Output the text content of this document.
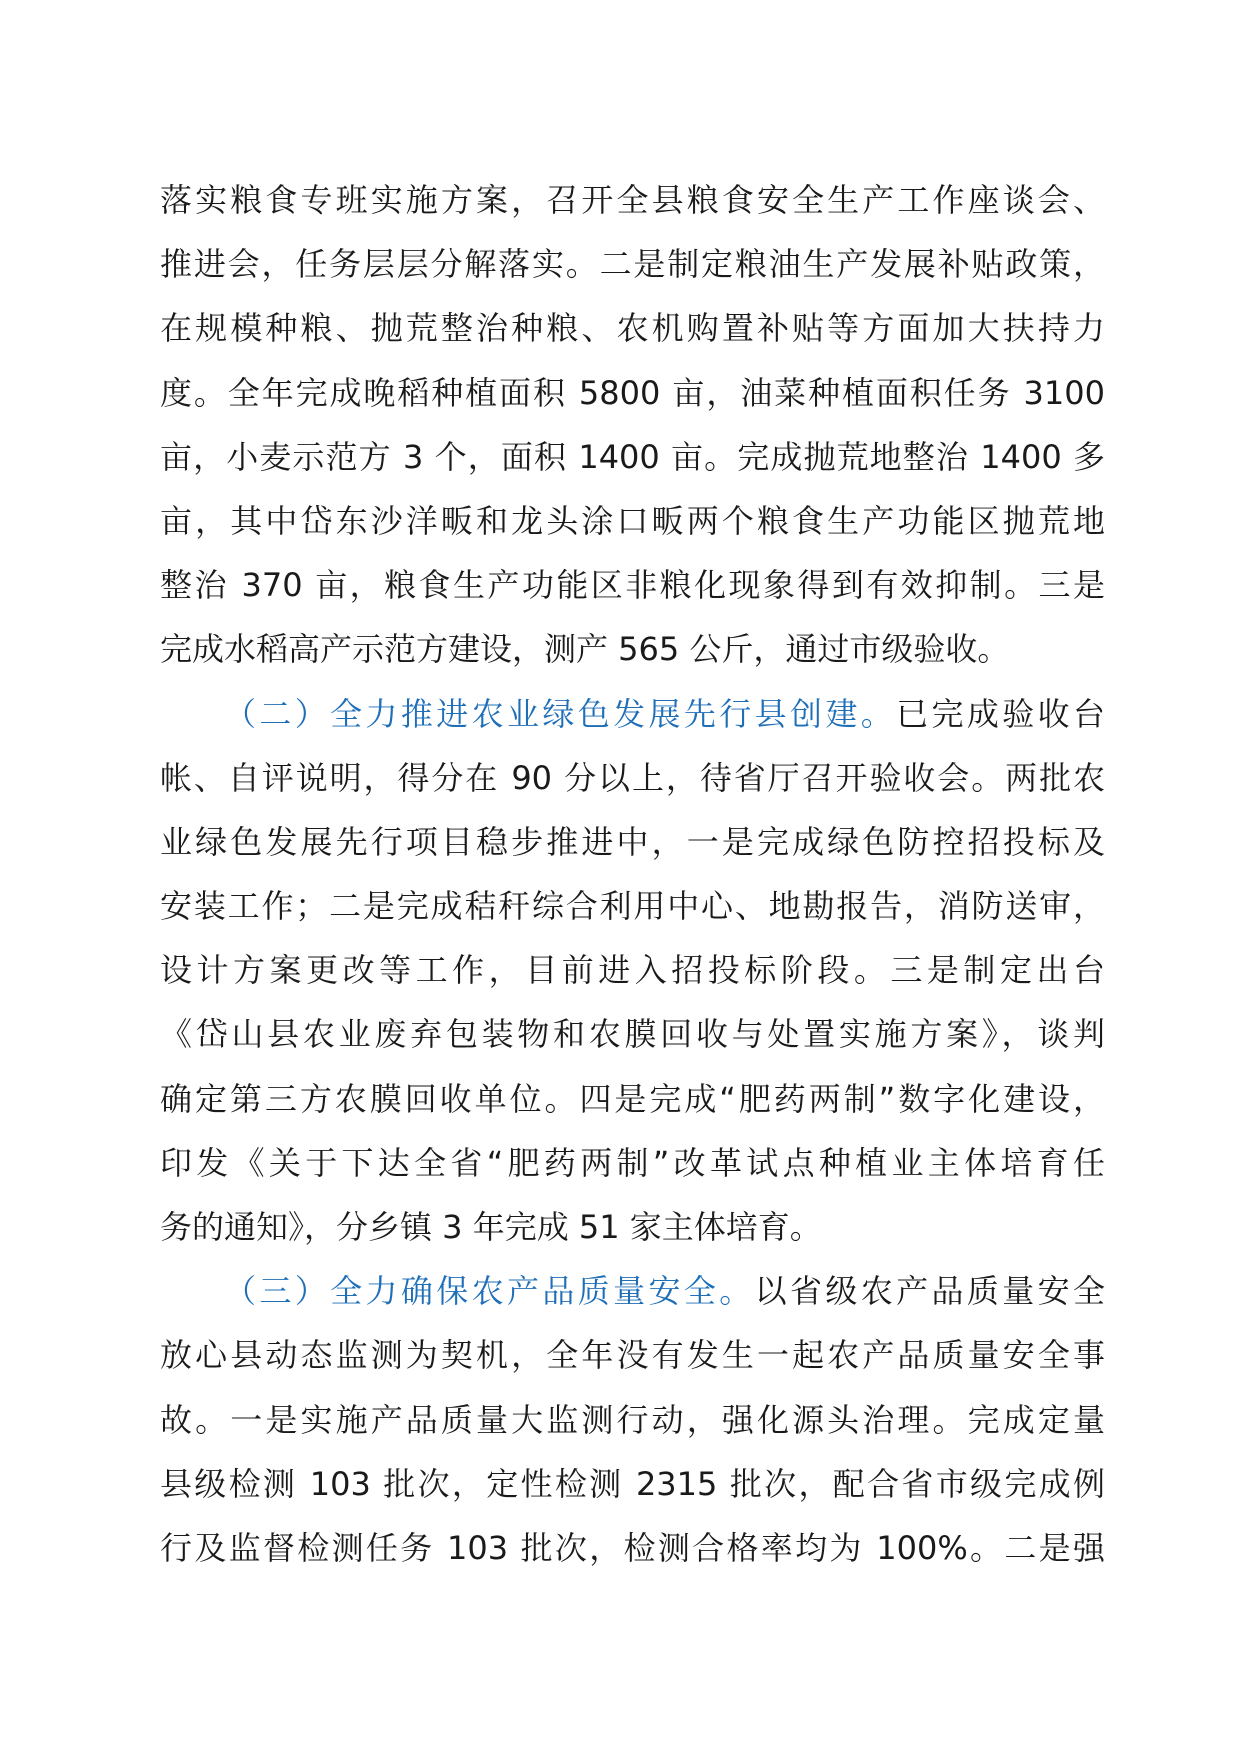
落实粮食专班实施方案，召开全县粮食安全生产工作座谈会、
推进会，任务层层分解落实。二是制定粮油生产发展补贴政策，
在规模种粮、抛荒整治种粮、农机购置补贴等方面加大扶持力
度。全年完成晚稻种植面积 5800 亩，油菜种植面积任务 3100
亩，小麦示范方 3 个，面积 1400 亩。完成抛荒地整治 1400 多
亩，其中岱东沙洋畈和龙头涂口畈两个粮食生产功能区抛荒地
整治 370 亩，粮食生产功能区非粮化现象得到有效抑制。三是
完成水稻高产示范方建设，测产 565 公斤，通过市级验收。
（二）全力推进农业绿色发展先行县创建。已完成验收台
帐、自评说明，得分在 90 分以上，待省厅召开验收会。两批农
业绿色发展先行项目稳步推进中，一是完成绿色防控招投标及
安装工作；二是完成秸秆综合利用中心、地勘报告，消防送审，
设计方案更改等工作，目前进入招投标阶段。三是制定出台
《岱山县农业废弃包装物和农膜回收与处置实施方案》，谈判
确定第三方农膜回收单位。四是完成“肥药两制”数字化建设，
印发《关于下达全省“肥药两制”改革试点种植业主体培育任
务的通知》，分乡镇 3 年完成 51 家主体培育。
（三）全力确保农产品质量安全。以省级农产品质量安全
放心县动态监测为契机，全年没有发生一起农产品质量安全事
故。一是实施产品质量大监测行动，强化源头治理。完成定量
县级检测 103 批次，定性检测 2315 批次，配合省市级完成例
行及监督检测任务 103 批次，检测合格率均为 100%。二是强
